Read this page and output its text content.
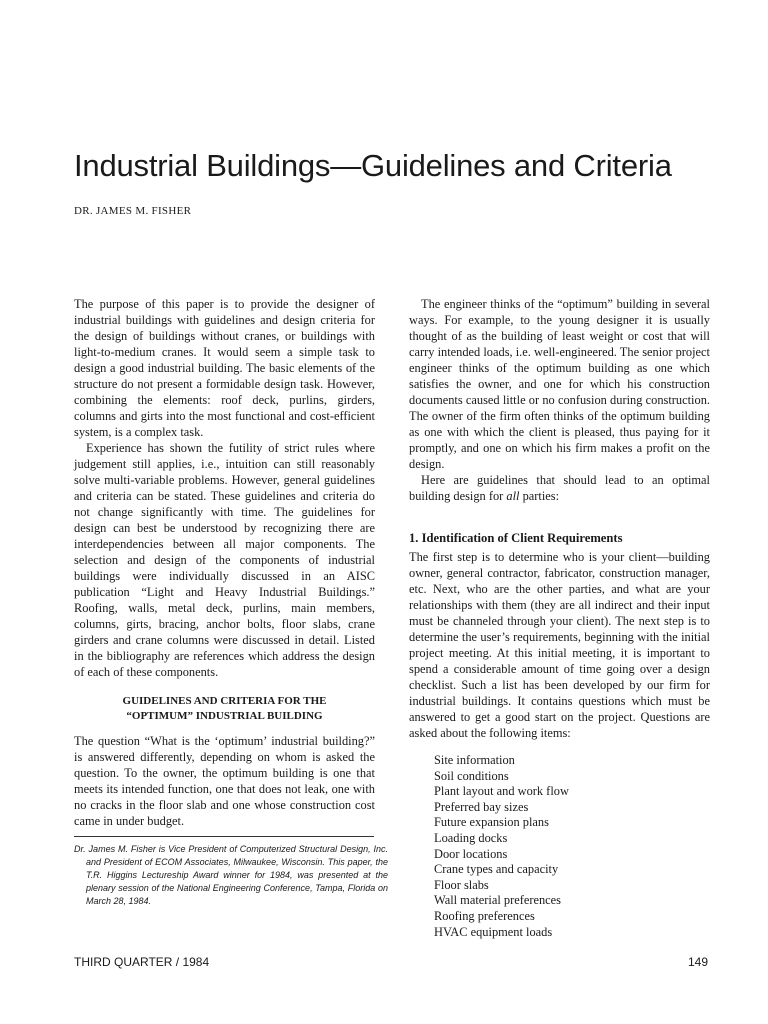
Industrial Buildings—Guidelines and Criteria
DR. JAMES M. FISHER

The purpose of this paper is to provide the designer of industrial buildings with guidelines and design criteria for the design of buildings without cranes, or buildings with light-to-medium cranes. It would seem a simple task to design a good industrial building. The basic elements of the structure do not present a formidable design task. However, combining the elements: roof deck, purlins, girders, columns and girts into the most functional and cost-efficient system, is a complex task.

Experience has shown the futility of strict rules where judgement still applies, i.e., intuition can still reasonably solve multi-variable problems. However, general guidelines and criteria can be stated. These guidelines and criteria do not change significantly with time. The guidelines for design can best be understood by recognizing there are interdependencies between all major components. The selection and design of the components of industrial buildings were individually discussed in an AISC publication “Light and Heavy Industrial Buildings.” Roofing, walls, metal deck, purlins, main members, columns, girts, bracing, anchor bolts, floor slabs, crane girders and crane columns were discussed in detail. Listed in the bibliography are references which address the design of each of these components.

GUIDELINES AND CRITERIA FOR THE
“OPTIMUM” INDUSTRIAL BUILDING

The question “What is the ‘optimum’ industrial building?” is answered differently, depending on whom is asked the question. To the owner, the optimum building is one that meets its intended function, one that does not leak, one with no cracks in the floor slab and one whose construction cost came in under budget.

The engineer thinks of the “optimum” building in several ways. For example, to the young designer it is usually thought of as the building of least weight or cost that will carry intended loads, i.e. well-engineered. The senior project engineer thinks of the optimum building as one which satisfies the owner, and one for which his construction documents caused little or no confusion during construction. The owner of the firm often thinks of the optimum building as one with which the client is pleased, thus paying for it promptly, and one on which his firm makes a profit on the design.

Here are guidelines that should lead to an optimal building design for all parties:

1. Identification of Client Requirements

The first step is to determine who is your client—building owner, general contractor, fabricator, construction manager, etc. Next, who are the other parties, and what are your relationships with them (they are all indirect and their input must be channeled through your client). The next step is to determine the user’s requirements, beginning with the initial project meeting. At this initial meeting, it is important to spend a considerable amount of time going over a design checklist. Such a list has been developed by our firm for industrial buildings. It contains questions which must be answered to get a good start on the project. Questions are asked about the following items:

Site information
Soil conditions
Plant layout and work flow
Preferred bay sizes
Future expansion plans
Loading docks
Door locations
Crane types and capacity
Floor slabs
Wall material preferences
Roofing preferences
HVAC equipment loads

Dr. James M. Fisher is Vice President of Computerized Structural Design, Inc. and President of ECOM Associates, Milwaukee, Wisconsin. This paper, the T.R. Higgins Lectureship Award winner for 1984, was presented at the plenary session of the National Engineering Conference, Tampa, Florida on March 28, 1984.

THIRD QUARTER / 1984	149
